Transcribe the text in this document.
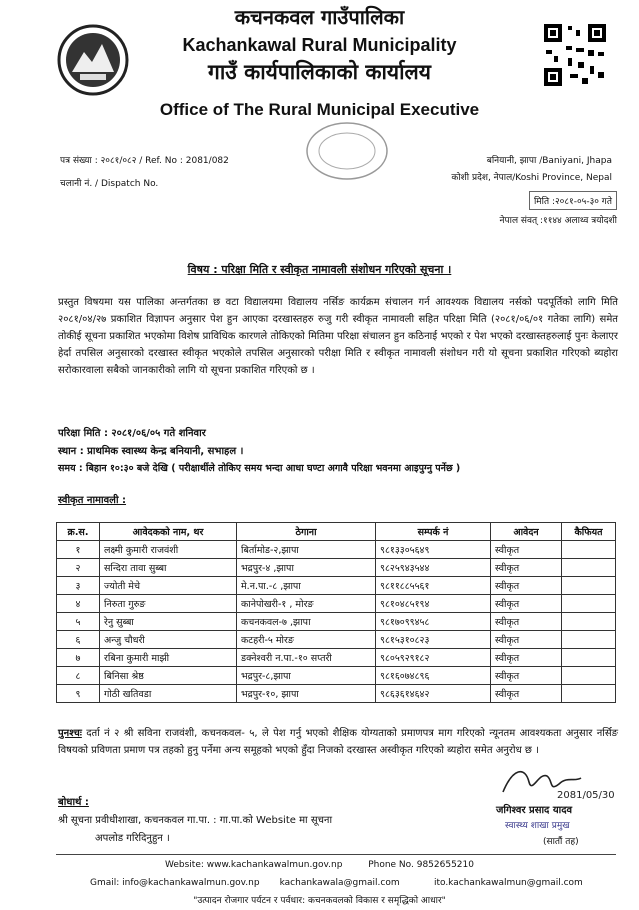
कचनकवल गाउँपालिका
Kachankawal Rural Municipality
गाउँ कार्यपालिकाको कार्यालय
Office of The Rural Municipal Executive
पत्र संख्या : २०८१/०८२ / Ref. No : 2081/082
चलानी नं. / Dispatch No.
बनियानी, झापा /Baniyani, Jhapa
कोशी प्रदेश, नेपाल/Koshi Province, Nepal
मिति :२०८१-०५-३० गते
नेपाल संवत् :११४४ अलाथ्व त्रयोदशी
विषय : परिक्षा मिति र स्वीकृत नामावली संशोधन गरिएको सूचना ।
प्रस्तुत विषयमा यस पालिका अन्तर्गतका छ वटा विद्यालयमा विद्यालय नर्सिङ कार्यक्रम संचालन गर्न आवश्यक विद्यालय नर्सको पदपूर्तिको लागि मिति २०८१/०४/२७ प्रकाशित विज्ञापन अनुसार पेश हुन आएका दरखास्तहरु रुजु गरी स्वीकृत नामावली सहित परिक्षा मिति (२०८१/०६/०१ गतेका लागि) समेत तोकीई सूचना प्रकाशित भएकोमा विशेष प्राविधिक कारणले तोकिएको मितिमा परिक्षा संचालन हुन कठिनाई भएको र पेश भएको दरखास्तहरुलाई पुनः केलाएर हेर्दा तपसिल अनुसारको दरखास्त स्वीकृत भएकोले तपसिल अनुसारको परीक्षा मिति र स्वीकृत नामावली संशोधन गरी यो सूचना प्रकाशित गरिएको ब्यहोरा सरोकारवाला सबैको जानकारीको लागि यो सूचना प्रकाशित गरिएको छ ।
परिक्षा मिति : २०८१/०६/०५ गते शनिवार
स्थान : प्राथमिक स्वास्थ्य केन्द्र बनियानी, सभाहल ।
समय : बिहान १०:३० बजे देखि ( परीक्षार्थीले तोकिए समय भन्दा आधा घण्टा अगावै परिक्षा भवनमा आइपुग्नु पर्नेछ )
स्वीकृत नामावली :
क्र.स.	आवेदकको नाम, थर	ठेगाना	सम्पर्क नं	आवेदन	कैफियत
१	लक्ष्मी कुमारी राजवंशी	बिर्तामोड-२,झापा	९८१३३०५६४९	स्वीकृत	
२	सन्दिरा तावा सुब्बा	भद्रपुर-४ ,झापा	९८२५९४३५४४	स्वीकृत	
३	ज्योती मेचे	मे.न.पा.-८ ,झापा	९८११८८५५६१	स्वीकृत	
४	निरुता गुरुङ	कानेपोखरी-१ , मोरङ	९८१०४८५१९४	स्वीकृत	
५	रेनु सुब्बा	कचनकवल-७ ,झापा	९८१७०९९४५८	स्वीकृत	
६	अन्जु चौधरी	कटहरी-५ मोरङ	९८१५३१०८२३	स्वीकृत	
७	रबिना कुमारी माझी	डक्नेश्वरी न.पा.-१० सप्तरी	९८०५९२९१८२	स्वीकृत	
८	बिनिसा श्रेष्ठ	भद्रपुर-८,झापा	९८१६०७४८९६	स्वीकृत	
९	गोठी खतिवडा	भद्रपुर-१०, झापा	९८६३६१४६४२	स्वीकृत	
पुनश्चः दर्ता नं २ श्री सविना राजवंशी, कचनकवल- ५, ले पेश गर्नु भएको शैक्षिक योग्यताको प्रमाणपत्र माग गरिएको न्यूनतम आवश्यकता अनुसार नर्सिङ विषयको प्रविणता प्रमाण पत्र तहको हुनु पर्नेमा अन्य समूहको भएको हुँदा निजको दरखास्त अस्वीकृत गरिएको ब्यहोरा समेत अनुरोध छ ।
बोधार्थ :
श्री सूचना प्रवीधीशाखा, कचनकवल गा.पा. : गा.पा.को Website मा सूचना
अपलोड गरिदिनुहुन ।
2081/05/30
जगिश्वर प्रसाद यादव
स्वास्थ्य शाखा प्रमुख
(सातौं तह)
Website: www.kachankawalmun.gov.np	Phone No. 9852655210
Gmail: info@kachankawalmun.gov.np kachankawala@gmail.com	ito.kachankawalmun@gmail.com
"उत्पादन रोजगार पर्यटन र पर्वधार: कचनकवलको विकास र समृद्धिको आधार"
